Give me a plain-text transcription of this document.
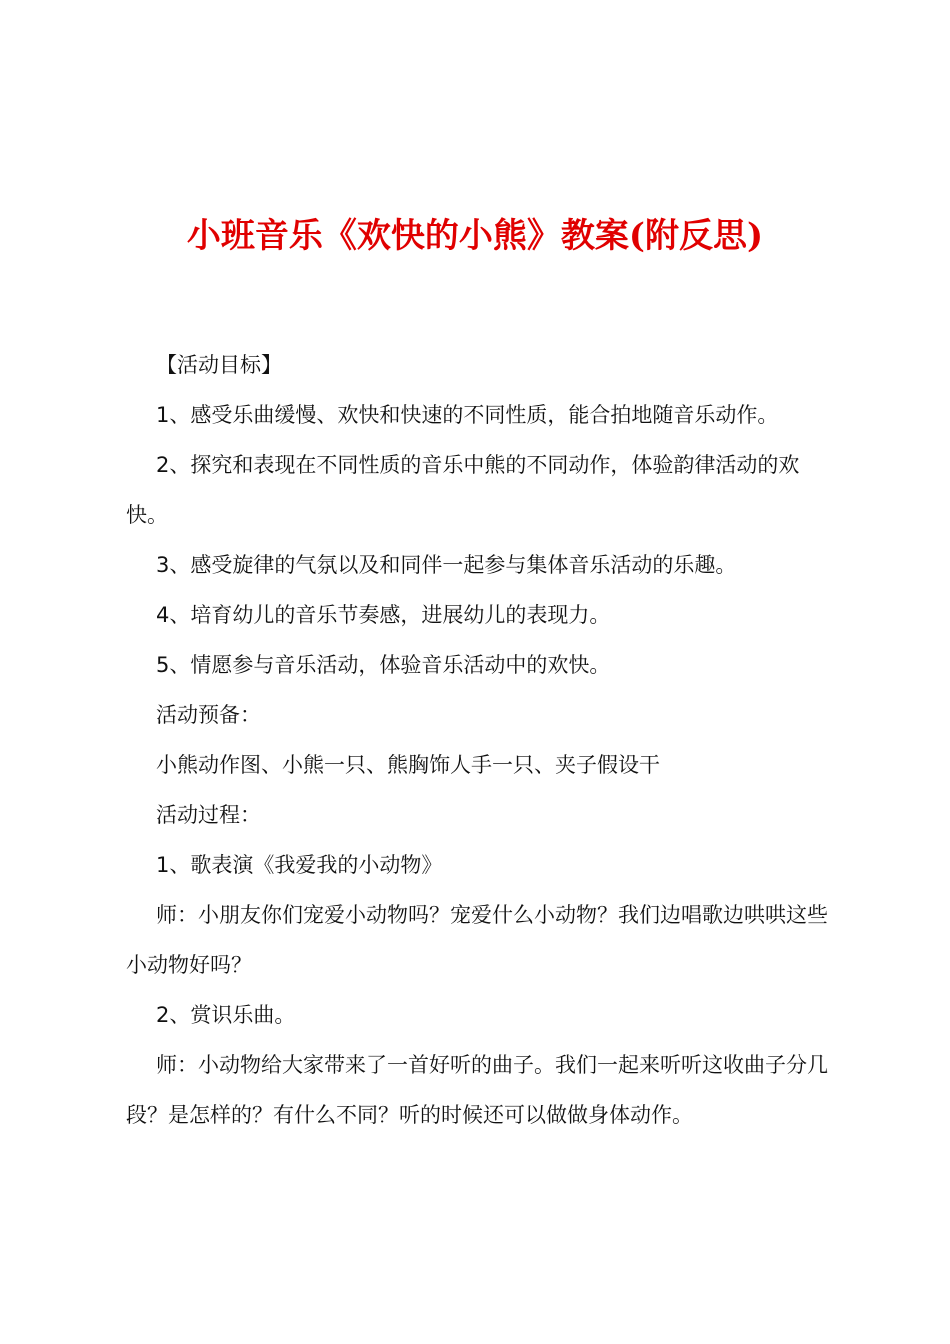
小班音乐《欢快的小熊》教案(附反思)

【活动目标】

1、感受乐曲缓慢、欢快和快速的不同性质，能合拍地随音乐动作。

2、探究和表现在不同性质的音乐中熊的不同动作，体验韵律活动的欢快。

3、感受旋律的气氛以及和同伴一起参与集体音乐活动的乐趣。

4、培育幼儿的音乐节奏感，进展幼儿的表现力。

5、情愿参与音乐活动，体验音乐活动中的欢快。

活动预备：

小熊动作图、小熊一只、熊胸饰人手一只、夹子假设干

活动过程：

1、歌表演《我爱我的小动物》

师：小朋友你们宠爱小动物吗？宠爱什么小动物？我们边唱歌边哄哄这些小动物好吗？

2、赏识乐曲。

师：小动物给大家带来了一首好听的曲子。我们一起来听听这收曲子分几段？是怎样的？有什么不同？听的时候还可以做做身体动作。
